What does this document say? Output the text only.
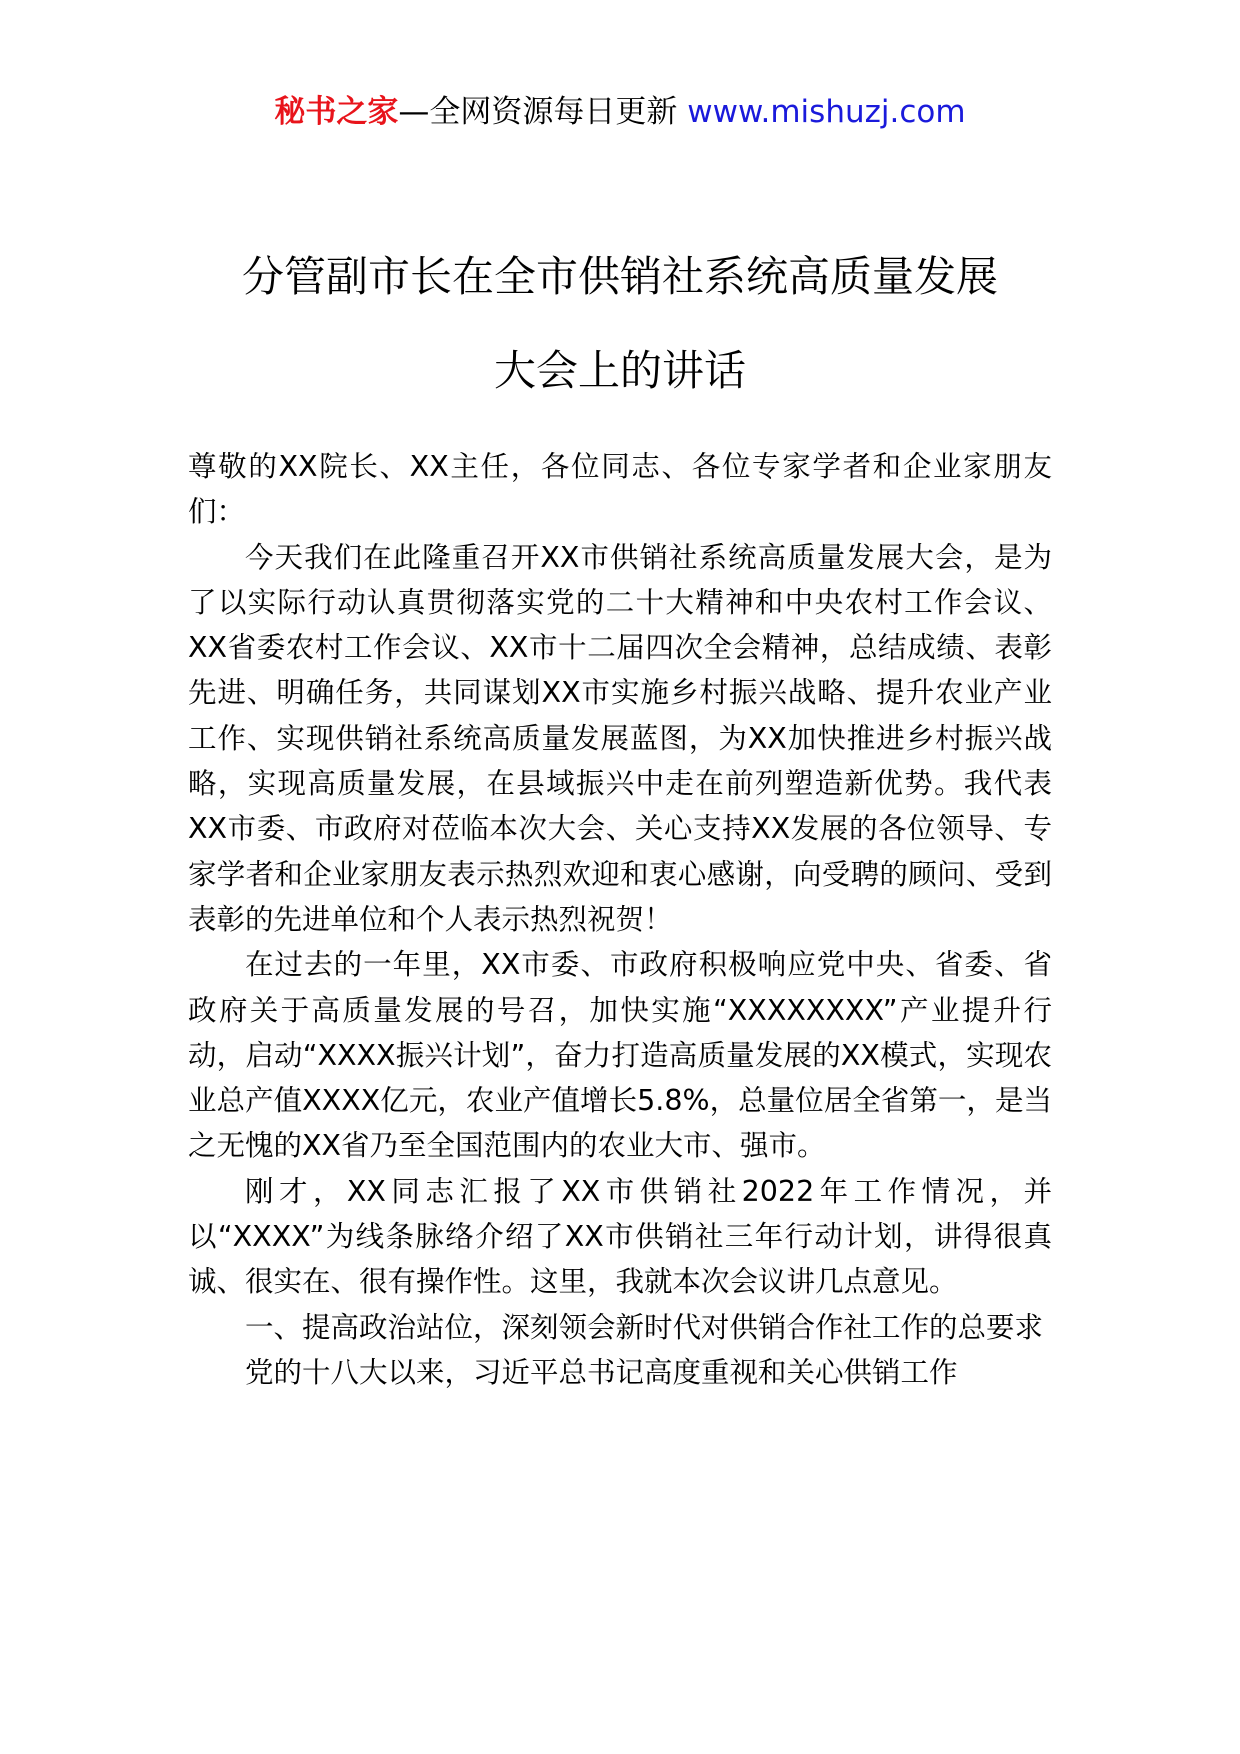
秘书之家—全网资源每日更新 www.mishuzj.com
分管副市长在全市供销社系统高质量发展
大会上的讲话

尊敬的XX院长、XX主任，各位同志、各位专家学者和企业家朋友们：

今天我们在此隆重召开XX市供销社系统高质量发展大会，是为了以实际行动认真贯彻落实党的二十大精神和中央农村工作会议、XX省委农村工作会议、XX市十二届四次全会精神，总结成绩、表彰先进、明确任务，共同谋划XX市实施乡村振兴战略、提升农业产业工作、实现供销社系统高质量发展蓝图，为XX加快推进乡村振兴战略，实现高质量发展，在县域振兴中走在前列塑造新优势。我代表XX市委、市政府对莅临本次大会、关心支持XX发展的各位领导、专家学者和企业家朋友表示热烈欢迎和衷心感谢，向受聘的顾问、受到表彰的先进单位和个人表示热烈祝贺！

在过去的一年里，XX市委、市政府积极响应党中央、省委、省政府关于高质量发展的号召，加快实施“XXXXXXXX”产业提升行动，启动“XXXX振兴计划”，奋力打造高质量发展的XX模式，实现农业总产值XXXX亿元，农业产值增长5.8%，总量位居全省第一，是当之无愧的XX省乃至全国范围内的农业大市、强市。

刚才，XX同志汇报了XX市供销社2022年工作情况，并以“XXXX”为线条脉络介绍了XX市供销社三年行动计划，讲得很真诚、很实在、很有操作性。这里，我就本次会议讲几点意见。

一、提高政治站位，深刻领会新时代对供销合作社工作的总要求

党的十八大以来，习近平总书记高度重视和关心供销工作
